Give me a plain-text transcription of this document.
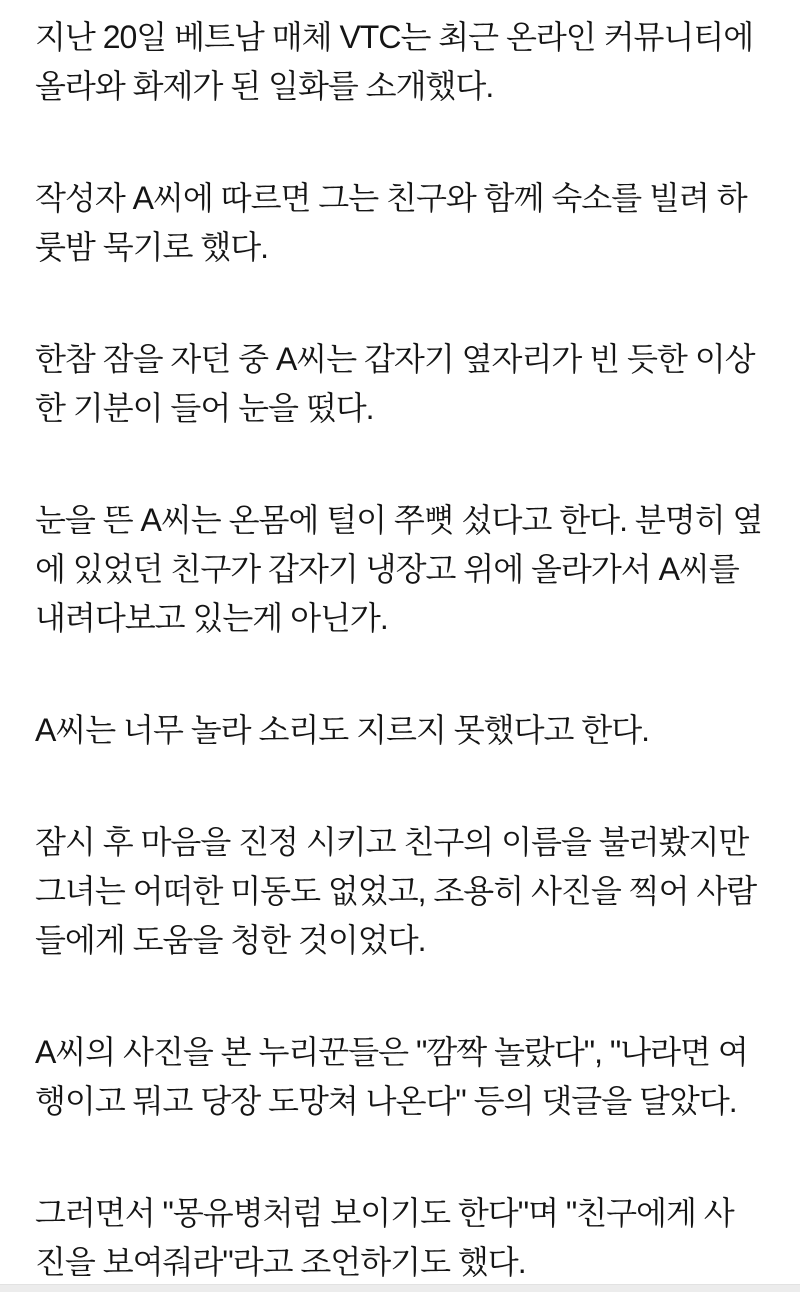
지난 20일 베트남 매체 VTC는 최근 온라인 커뮤니티에
올라와 화제가 된 일화를 소개했다.

작성자 A씨에 따르면 그는 친구와 함께 숙소를 빌려 하
룻밤 묵기로 했다.

한참 잠을 자던 중 A씨는 갑자기 옆자리가 빈 듯한 이상
한 기분이 들어 눈을 떴다.

눈을 뜬 A씨는 온몸에 털이 쭈뼛 섰다고 한다. 분명히 옆
에 있었던 친구가 갑자기 냉장고 위에 올라가서 A씨를
내려다보고 있는게 아닌가.

A씨는 너무 놀라 소리도 지르지 못했다고 한다.

잠시 후 마음을 진정 시키고 친구의 이름을 불러봤지만
그녀는 어떠한 미동도 없었고, 조용히 사진을 찍어 사람
들에게 도움을 청한 것이었다.

A씨의 사진을 본 누리꾼들은 "깜짝 놀랐다", "나라면 여
행이고 뭐고 당장 도망쳐 나온다" 등의 댓글을 달았다.

그러면서 "몽유병처럼 보이기도 한다"며 "친구에게 사
진을 보여줘라"라고 조언하기도 했다.
